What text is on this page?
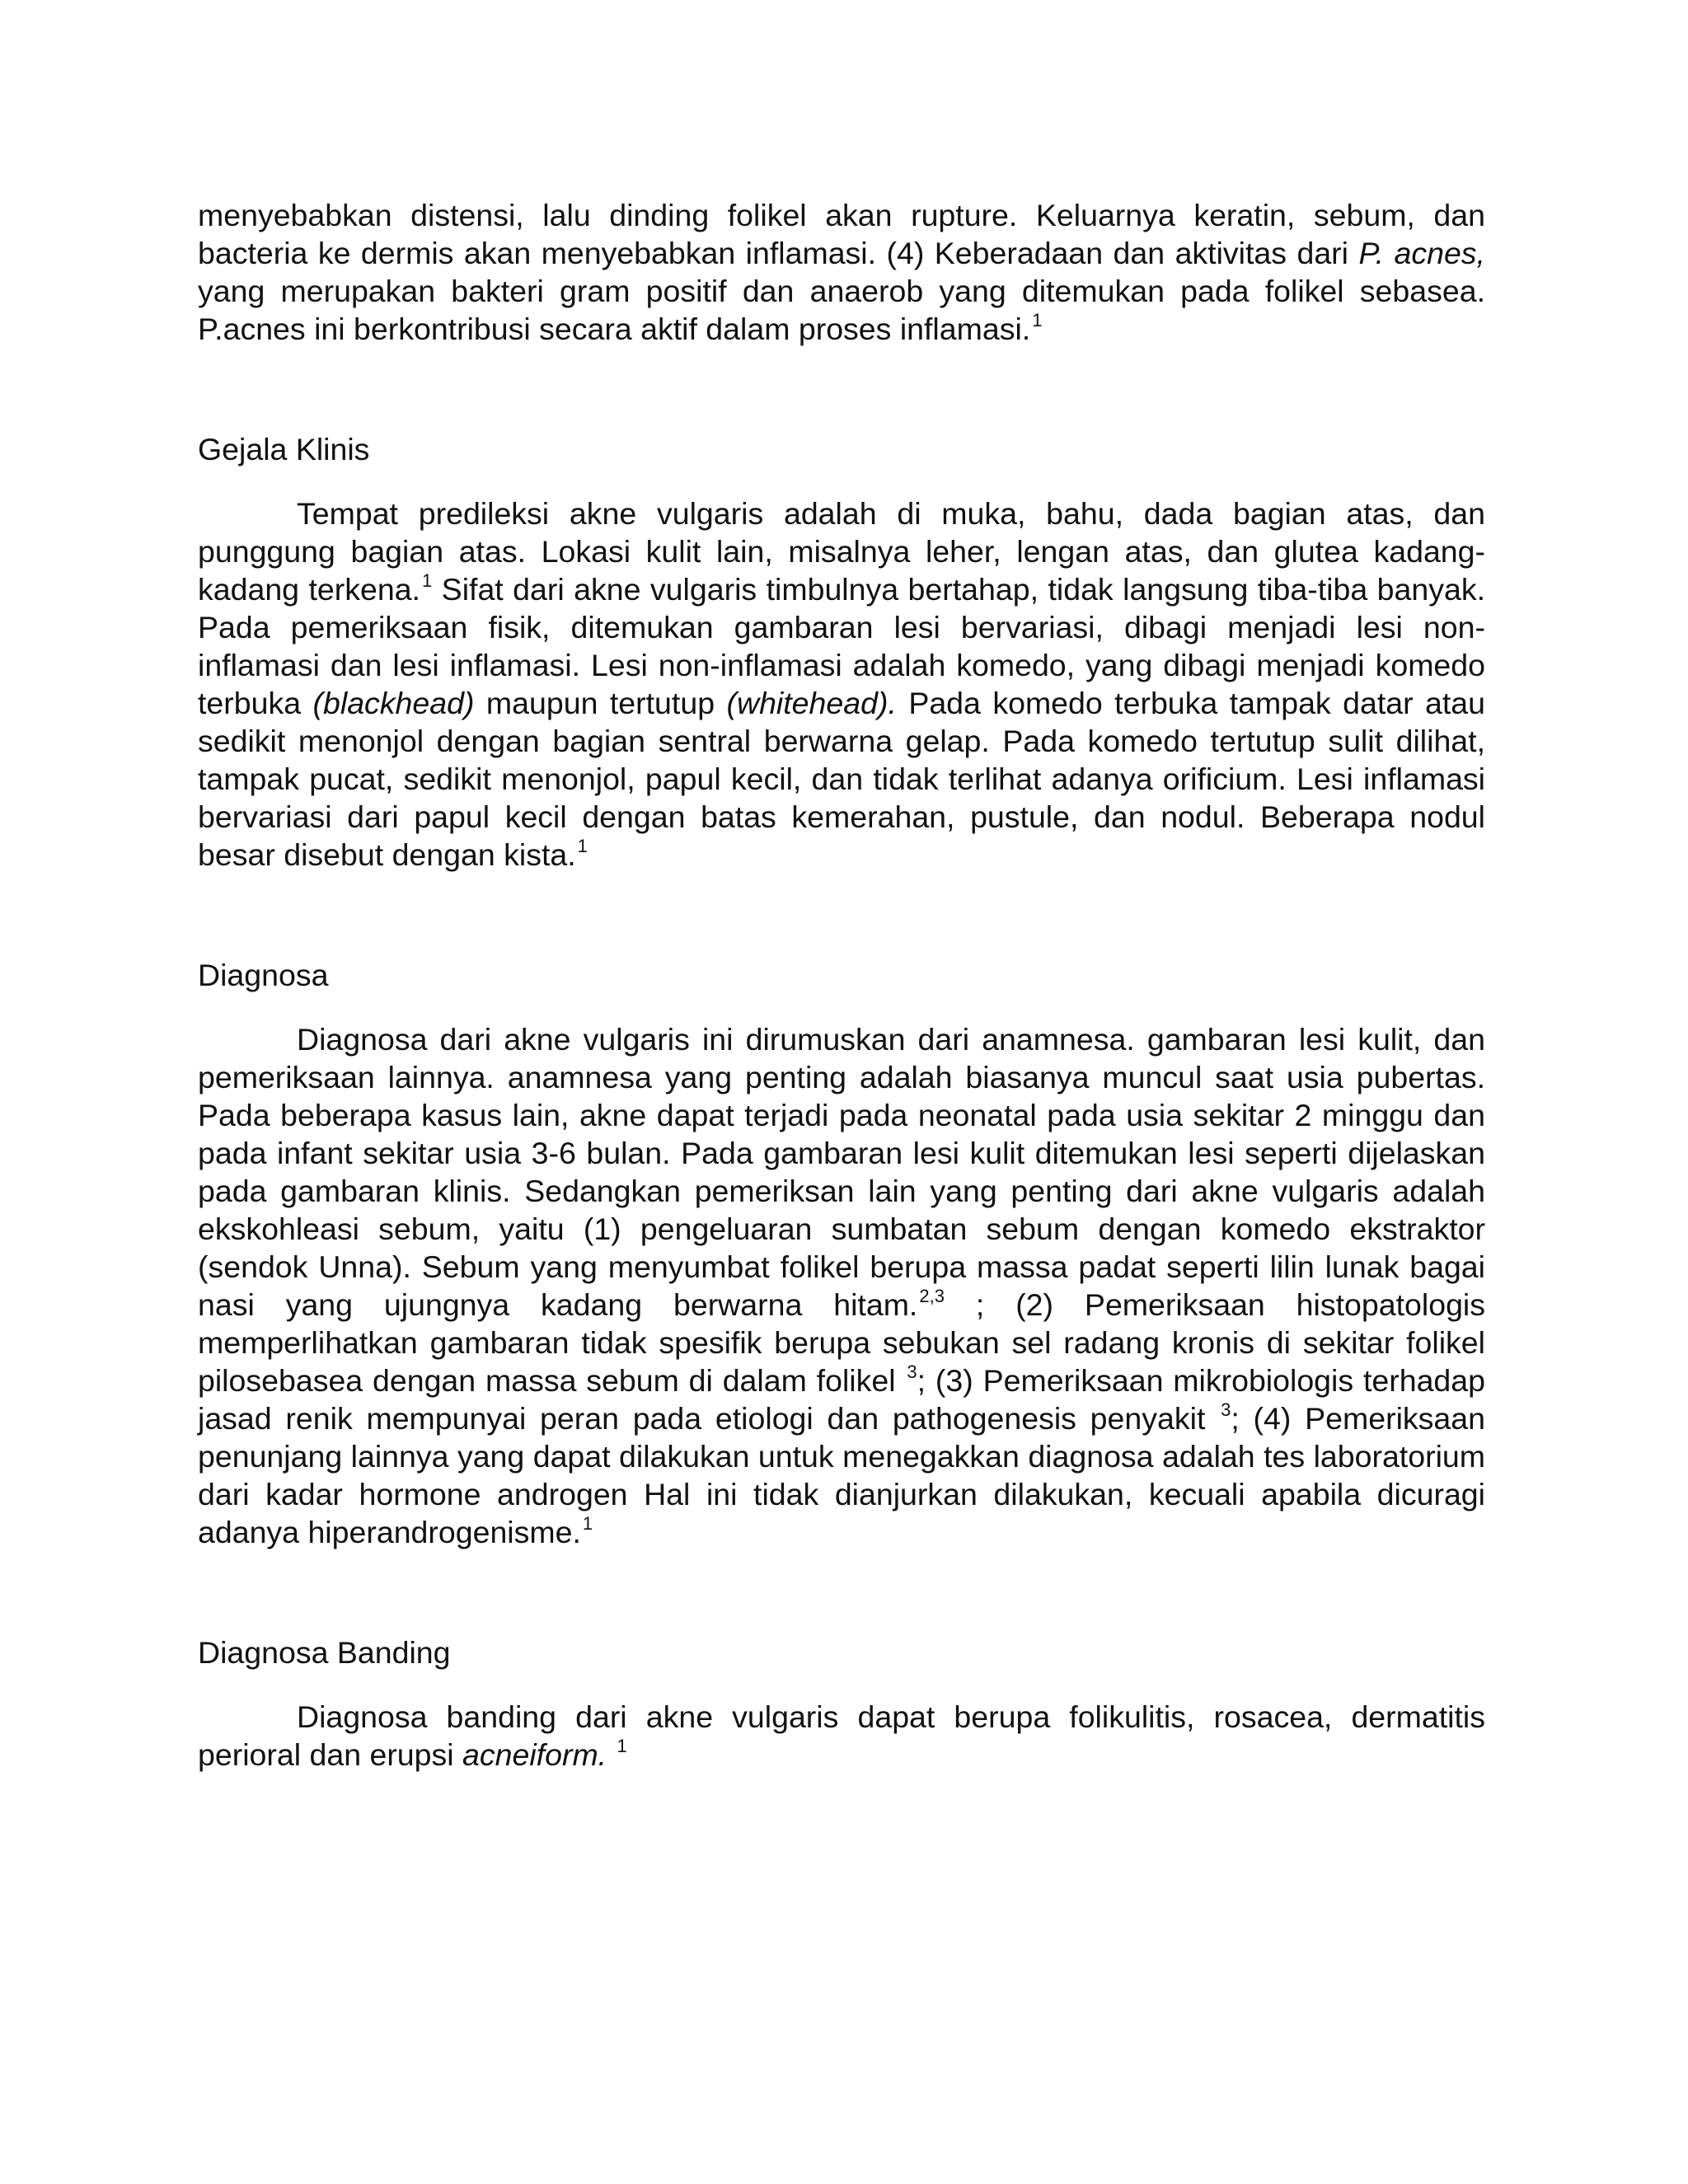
menyebabkan distensi, lalu dinding folikel akan rupture. Keluarnya keratin, sebum, dan bacteria ke dermis akan menyebabkan inflamasi. (4) Keberadaan dan aktivitas dari P. acnes, yang merupakan bakteri gram positif dan anaerob yang ditemukan pada folikel sebasea. P.acnes ini berkontribusi secara aktif dalam proses inflamasi.$^1$

Gejala Klinis

Tempat predileksi akne vulgaris adalah di muka, bahu, dada bagian atas, dan punggung bagian atas. Lokasi kulit lain, misalnya leher, lengan atas, dan glutea kadang-kadang terkena.$^1$ Sifat dari akne vulgaris timbulnya bertahap, tidak langsung tiba-tiba banyak. Pada pemeriksaan fisik, ditemukan gambaran lesi bervariasi, dibagi menjadi lesi non-inflamasi dan lesi inflamasi. Lesi non-inflamasi adalah komedo, yang dibagi menjadi komedo terbuka (blackhead) maupun tertutup (whitehead). Pada komedo terbuka tampak datar atau sedikit menonjol dengan bagian sentral berwarna gelap. Pada komedo tertutup sulit dilihat, tampak pucat, sedikit menonjol, papul kecil, dan tidak terlihat adanya orificium. Lesi inflamasi bervariasi dari papul kecil dengan batas kemerahan, pustule, dan nodul. Beberapa nodul besar disebut dengan kista.$^1$

Diagnosa

Diagnosa dari akne vulgaris ini dirumuskan dari anamnesa. gambaran lesi kulit, dan pemeriksaan lainnya. anamnesa yang penting adalah biasanya muncul saat usia pubertas. Pada beberapa kasus lain, akne dapat terjadi pada neonatal pada usia sekitar 2 minggu dan pada infant sekitar usia 3-6 bulan. Pada gambaran lesi kulit ditemukan lesi seperti dijelaskan pada gambaran klinis. Sedangkan pemeriksan lain yang penting dari akne vulgaris adalah ekskohleasi sebum, yaitu (1) pengeluaran sumbatan sebum dengan komedo ekstraktor (sendok Unna). Sebum yang menyumbat folikel berupa massa padat seperti lilin lunak bagai nasi yang ujungnya kadang berwarna hitam.$^{2,3}$ ; (2) Pemeriksaan histopatologis memperlihatkan gambaran tidak spesifik berupa sebukan sel radang kronis di sekitar folikel pilosebasea dengan massa sebum di dalam folikel $^3$; (3) Pemeriksaan mikrobiologis terhadap jasad renik mempunyai peran pada etiologi dan pathogenesis penyakit $^3$; (4) Pemeriksaan penunjang lainnya yang dapat dilakukan untuk menegakkan diagnosa adalah tes laboratorium dari kadar hormone androgen Hal ini tidak dianjurkan dilakukan, kecuali apabila dicuragi adanya hiperandrogenisme.$^1$

Diagnosa Banding

Diagnosa banding dari akne vulgaris dapat berupa folikulitis, rosacea, dermatitis perioral dan erupsi acneiform. $^1$
